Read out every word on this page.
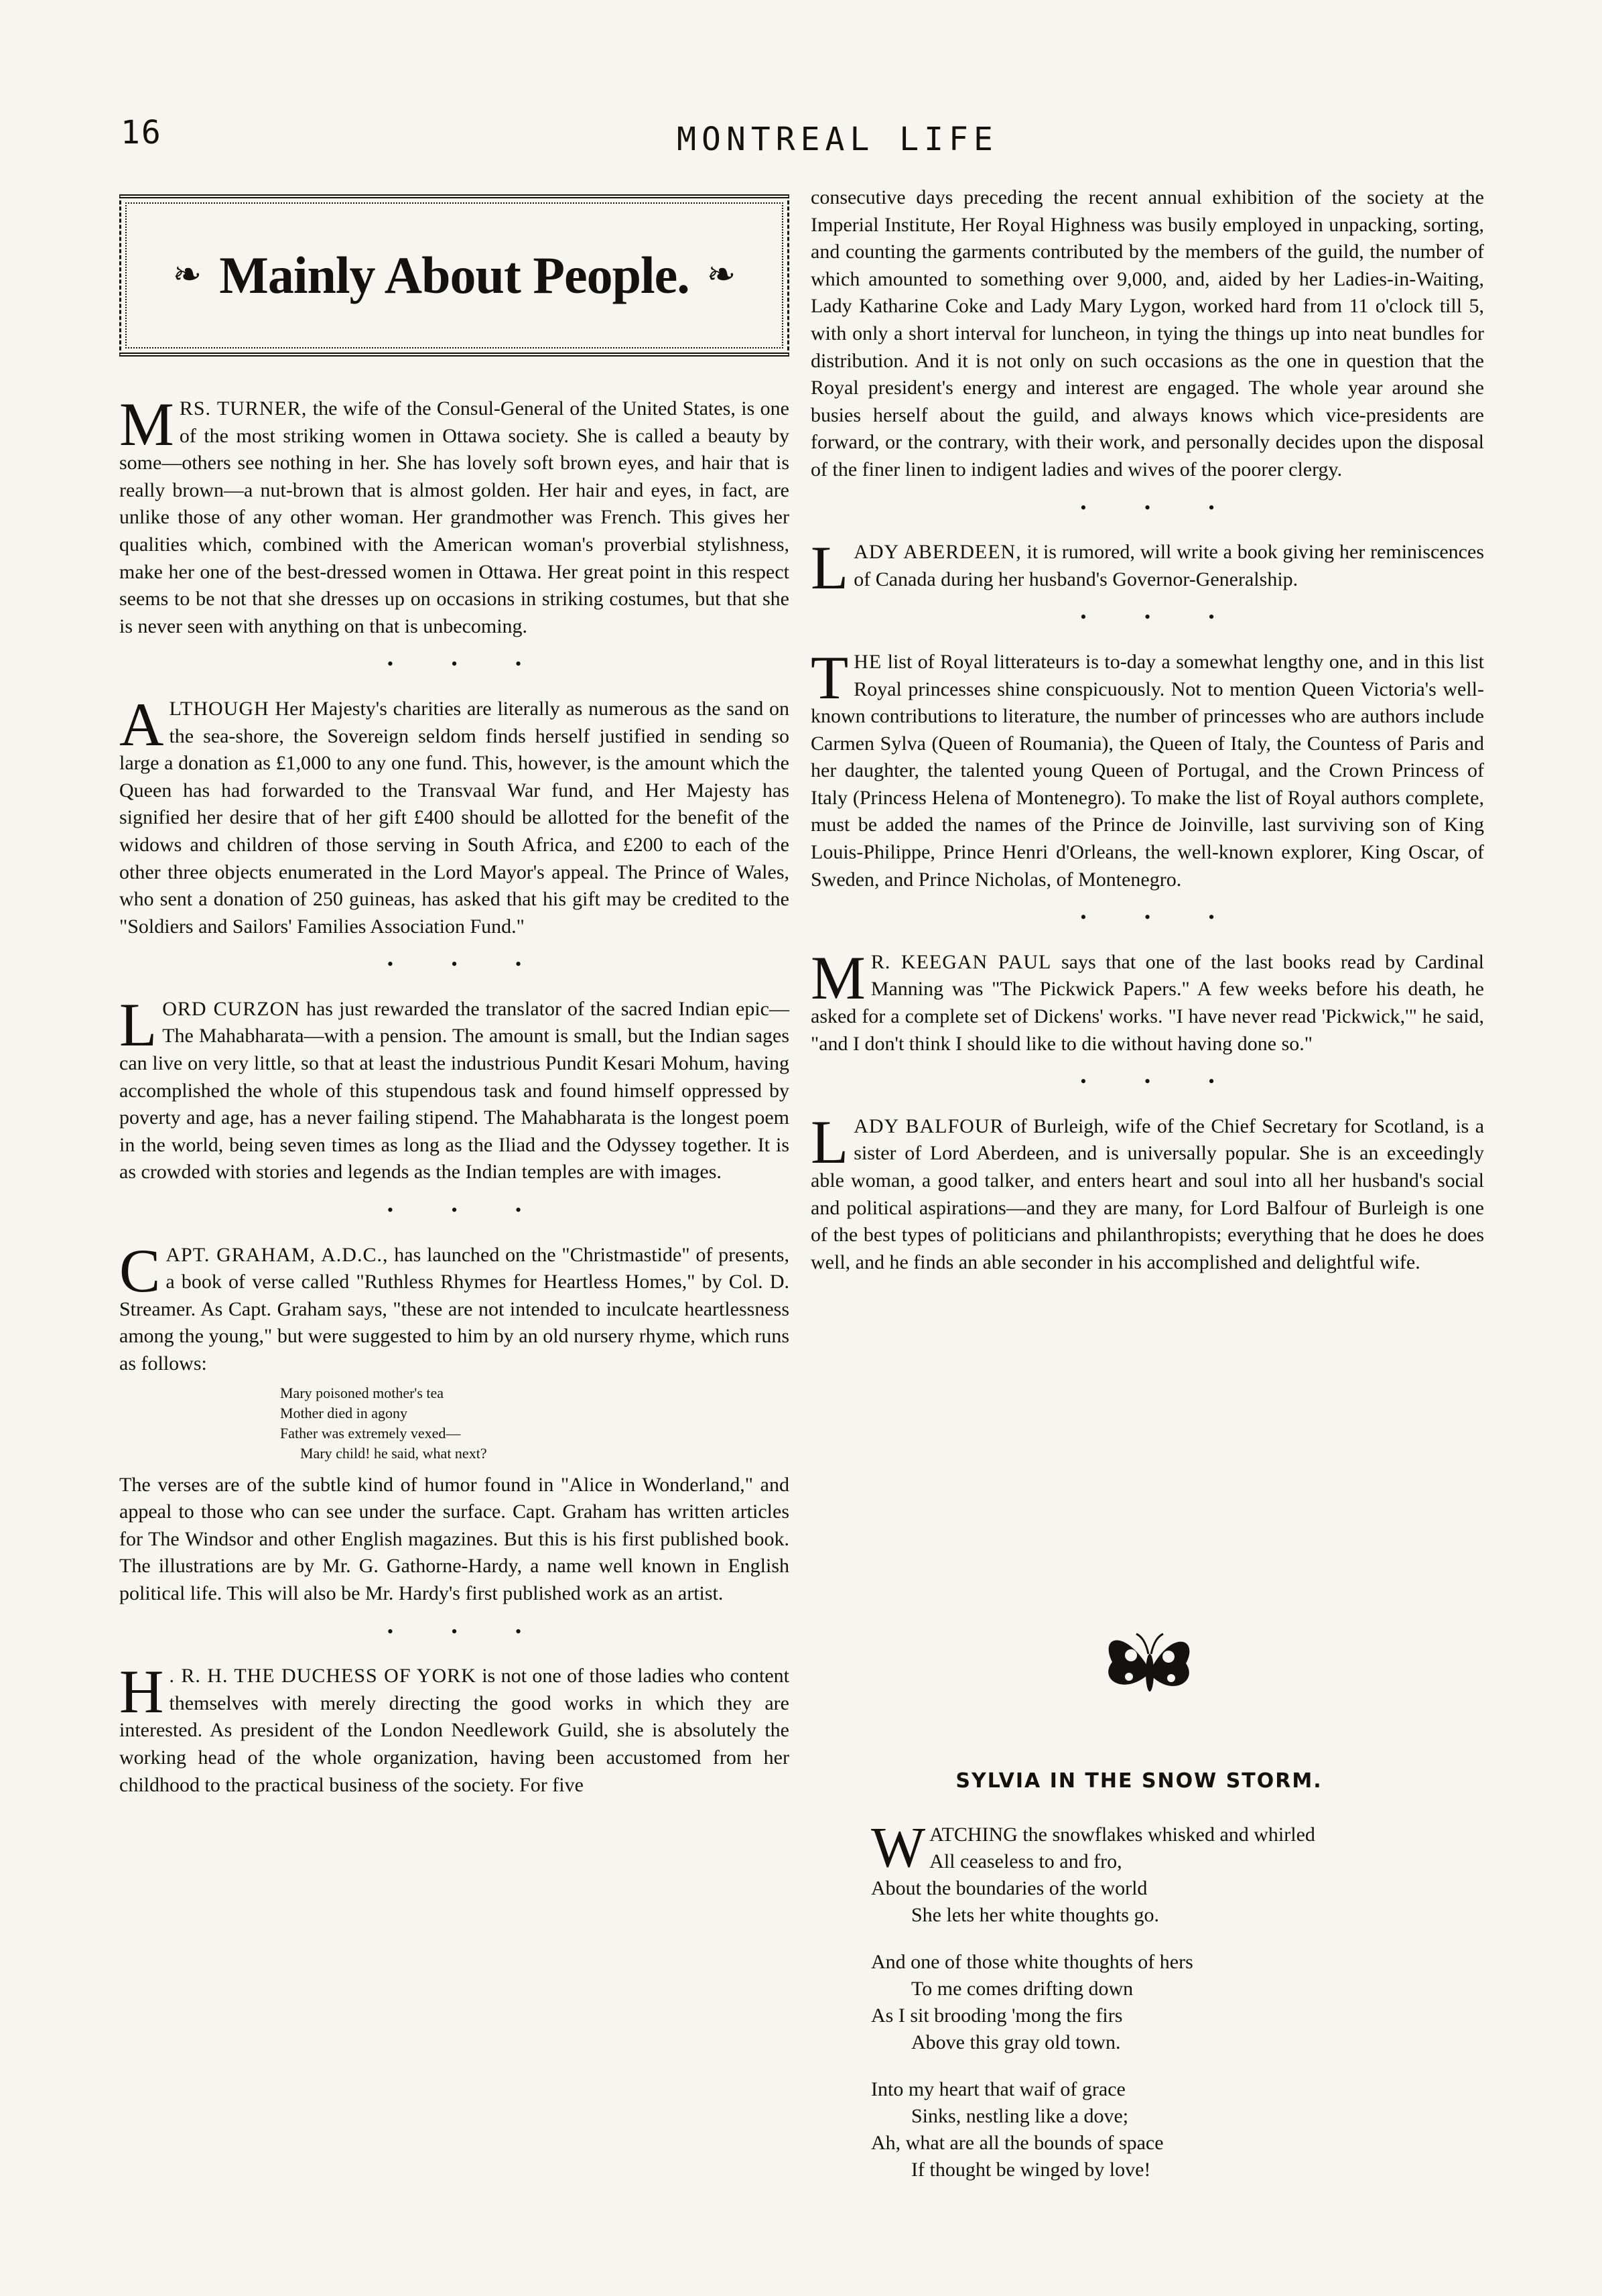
16	MONTREAL LIFE
❧ Mainly About People. ❧

MRS. TURNER, the wife of the Consul-General of the United States, is one of the most striking women in Ottawa society. She is called a beauty by some—others see nothing in her. She has lovely soft brown eyes, and hair that is really brown—a nut-brown that is almost golden. Her hair and eyes, in fact, are unlike those of any other woman. Her grandmother was French. This gives her qualities which, combined with the American woman's proverbial stylishness, make her one of the best-dressed women in Ottawa. Her great point in this respect seems to be not that she dresses up on occasions in striking costumes, but that she is never seen with anything on that is unbecoming.

• • •

ALTHOUGH Her Majesty's charities are literally as numerous as the sand on the sea-shore, the Sovereign seldom finds herself justified in sending so large a donation as £1,000 to any one fund. This, however, is the amount which the Queen has had forwarded to the Transvaal War fund, and Her Majesty has signified her desire that of her gift £400 should be allotted for the benefit of the widows and children of those serving in South Africa, and £200 to each of the other three objects enumerated in the Lord Mayor's appeal. The Prince of Wales, who sent a donation of 250 guineas, has asked that his gift may be credited to the "Soldiers and Sailors' Families Association Fund."

• • •

LORD CURZON has just rewarded the translator of the sacred Indian epic—The Mahabharata—with a pension. The amount is small, but the Indian sages can live on very little, so that at least the industrious Pundit Kesari Mohum, having accomplished the whole of this stupendous task and found himself oppressed by poverty and age, has a never failing stipend. The Mahabharata is the longest poem in the world, being seven times as long as the Iliad and the Odyssey together. It is as crowded with stories and legends as the Indian temples are with images.

• • •

CAPT. GRAHAM, A.D.C., has launched on the "Christmastide" of presents, a book of verse called "Ruthless Rhymes for Heartless Homes," by Col. D. Streamer. As Capt. Graham says, "these are not intended to inculcate heartlessness among the young," but were suggested to him by an old nursery rhyme, which runs as follows:

Mary poisoned mother's tea
Mother died in agony
Father was extremely vexed—
Mary child! he said, what next?

The verses are of the subtle kind of humor found in "Alice in Wonderland," and appeal to those who can see under the surface. Capt. Graham has written articles for The Windsor and other English magazines. But this is his first published book. The illustrations are by Mr. G. Gathorne-Hardy, a name well known in English political life. This will also be Mr. Hardy's first published work as an artist.

• • •

H . R. H. THE DUCHESS OF YORK is not one of those ladies who content themselves with merely directing the good works in which they are interested. As president of the London Needlework Guild, she is absolutely the working head of the whole organization, having been accustomed from her childhood to the practical business of the society. For five

consecutive days preceding the recent annual exhibition of the society at the Imperial Institute, Her Royal Highness was busily employed in unpacking, sorting, and counting the garments contributed by the members of the guild, the number of which amounted to something over 9,000, and, aided by her Ladies-in-Waiting, Lady Katharine Coke and Lady Mary Lygon, worked hard from 11 o'clock till 5, with only a short interval for luncheon, in tying the things up into neat bundles for distribution. And it is not only on such occasions as the one in question that the Royal president's energy and interest are engaged. The whole year around she busies herself about the guild, and always knows which vice-presidents are forward, or the contrary, with their work, and personally decides upon the disposal of the finer linen to indigent ladies and wives of the poorer clergy.

• • •

LADY ABERDEEN, it is rumored, will write a book giving her reminiscences of Canada during her husband's Governor-Generalship.

• • •

THE list of Royal litterateurs is to-day a somewhat lengthy one, and in this list Royal princesses shine conspicuously. Not to mention Queen Victoria's well-known contributions to literature, the number of princesses who are authors include Carmen Sylva (Queen of Roumania), the Queen of Italy, the Countess of Paris and her daughter, the talented young Queen of Portugal, and the Crown Princess of Italy (Princess Helena of Montenegro). To make the list of Royal authors complete, must be added the names of the Prince de Joinville, last surviving son of King Louis-Philippe, Prince Henri d'Orleans, the well-known explorer, King Oscar, of Sweden, and Prince Nicholas, of Montenegro.

• • •

M R. KEEGAN PAUL says that one of the last books read by Cardinal Manning was "The Pickwick Papers." A few weeks before his death, he asked for a complete set of Dickens' works. "I have never read 'Pickwick,'" he said, "and I don't think I should like to die without having done so."

• • •

LADY BALFOUR of Burleigh, wife of the Chief Secretary for Scotland, is a sister of Lord Aberdeen, and is universally popular. She is an exceedingly able woman, a good talker, and enters heart and soul into all her husband's social and political aspirations—and they are many, for Lord Balfour of Burleigh is one of the best types of politicians and philanthropists; everything that he does he does well, and he finds an able seconder in his accomplished and delightful wife.

SYLVIA IN THE SNOW STORM.
W ATCHING the snowflakes whisked and whirled
All ceaseless to and fro,
About the boundaries of the world
She lets her white thoughts go.
And one of those white thoughts of hers
To me comes drifting down
As I sit brooding 'mong the firs
Above this gray old town.
Into my heart that waif of grace
Sinks, nestling like a dove;
Ah, what are all the bounds of space
If thought be winged by love!
